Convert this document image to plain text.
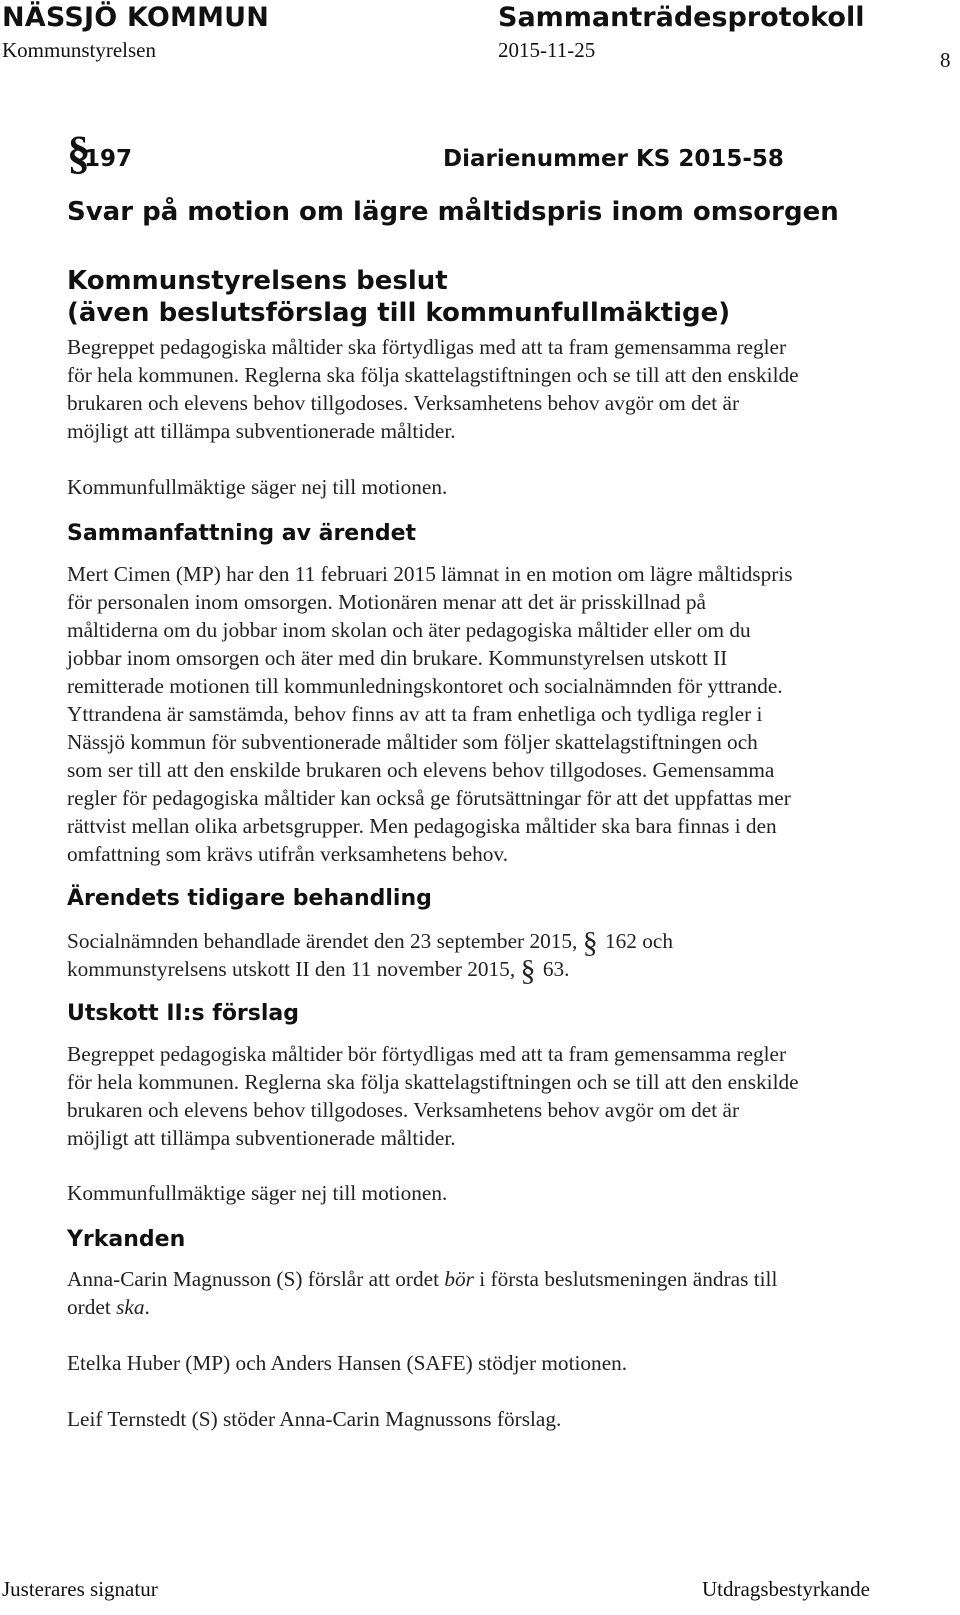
NÄSSJÖ KOMMUN
Kommunstyrelsen
Sammanträdesprotokoll
2015-11-25	8
§
197	Diarienummer KS 2015-58
Svar på motion om lägre måltidspris inom omsorgen
Kommunstyrelsens beslut
(även beslutsförslag till kommunfullmäktige)
Begreppet pedagogiska måltider ska förtydligas med att ta fram gemensamma regler
för hela kommunen. Reglerna ska följa skattelagstiftningen och se till att den enskilde
brukaren och elevens behov tillgodoses. Verksamhetens behov avgör om det är
möjligt att tillämpa subventionerade måltider.
Kommunfullmäktige säger nej till motionen.
Sammanfattning av ärendet
Mert Cimen (MP) har den 11 februari 2015 lämnat in en motion om lägre måltidspris
för personalen inom omsorgen. Motionären menar att det är prisskillnad på
måltiderna om du jobbar inom skolan och äter pedagogiska måltider eller om du
jobbar inom omsorgen och äter med din brukare. Kommunstyrelsen utskott II
remitterade motionen till kommunledningskontoret och socialnämnden för yttrande.
Yttrandena är samstämda, behov finns av att ta fram enhetliga och tydliga regler i
Nässjö kommun för subventionerade måltider som följer skattelagstiftningen och
som ser till att den enskilde brukaren och elevens behov tillgodoses. Gemensamma
regler för pedagogiska måltider kan också ge förutsättningar för att det uppfattas mer
rättvist mellan olika arbetsgrupper. Men pedagogiska måltider ska bara finnas i den
omfattning som krävs utifrån verksamhetens behov.
Ärendets tidigare behandling
Socialnämnden behandlade ärendet den 23 september 2015, § 162 och
kommunstyrelsens utskott II den 11 november 2015, § 63.
Utskott II:s förslag
Begreppet pedagogiska måltider bör förtydligas med att ta fram gemensamma regler
för hela kommunen. Reglerna ska följa skattelagstiftningen och se till att den enskilde
brukaren och elevens behov tillgodoses. Verksamhetens behov avgör om det är
möjligt att tillämpa subventionerade måltider.
Kommunfullmäktige säger nej till motionen.
Yrkanden
Anna-Carin Magnusson (S) förslår att ordet bör i första beslutsmeningen ändras till
ordet ska.
Etelka Huber (MP) och Anders Hansen (SAFE) stödjer motionen.
Leif Ternstedt (S) stöder Anna-Carin Magnussons förslag.
Justerares signatur	Utdragsbestyrkande
